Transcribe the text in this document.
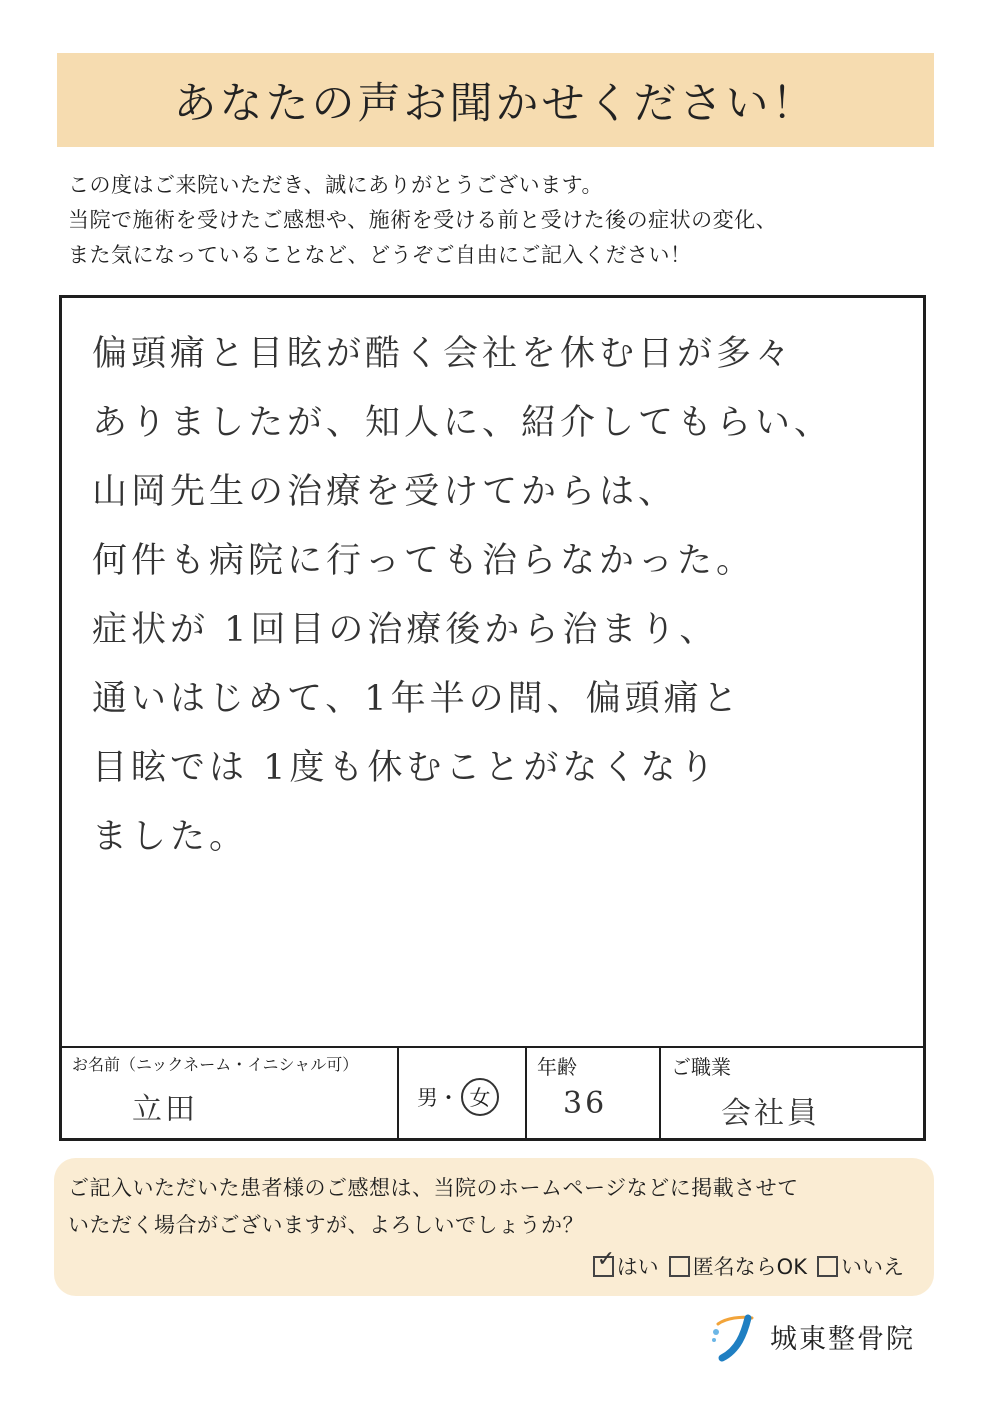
あなたの声お聞かせください！
この度はご来院いただき、誠にありがとうございます。
当院で施術を受けたご感想や、施術を受ける前と受けた後の症状の変化、
また気になっていることなど、どうぞご自由にご記入ください！
偏頭痛と目眩が酷く会社を休む日が多々
ありましたが、知人に、紹介してもらい、
山岡先生の治療を受けてからは、
何件も病院に行っても治らなかった。
症状が 1回目の治療後から治まり、
通いはじめて、1年半の間、偏頭痛と
目眩では 1度も休むことがなくなり
ました。
お名前（ニックネーム・イニシャル可）
立田	男 ・ 女
年齢
36
ご職業
会社員
ご記入いただいた患者様のご感想は、当院のホームページなどに掲載させて
いただく場合がございますが、よろしいでしょうか？
✓ はい 匿名ならOK いいえ
城東整骨院
